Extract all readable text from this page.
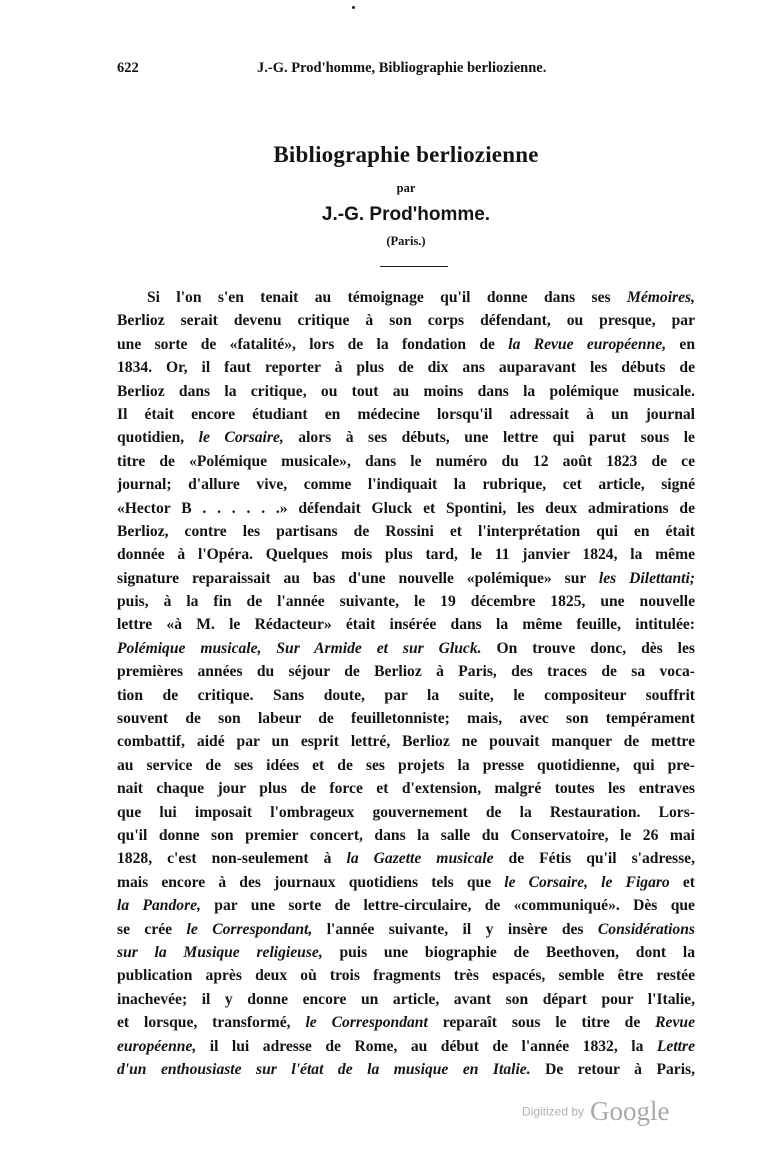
622	J.-G. Prod'homme, Bibliographie berliozienne.
Bibliographie berliozienne
par
J.-G. Prod'homme.
(Paris.)
Si l'on s'en tenait au témoignage qu'il donne dans ses Mémoires,
Berlioz serait devenu critique à son corps défendant, ou presque, par
une sorte de «fatalité», lors de la fondation de la Revue européenne, en
1834. Or, il faut reporter à plus de dix ans auparavant les débuts de
Berlioz dans la critique, ou tout au moins dans la polémique musicale.
Il était encore étudiant en médecine lorsqu'il adressait à un journal
quotidien, le Corsaire, alors à ses débuts, une lettre qui parut sous le
titre de «Polémique musicale», dans le numéro du 12 août 1823 de ce
journal; d'allure vive, comme l'indiquait la rubrique, cet article, signé
«Hector B . . . . . .» défendait Gluck et Spontini, les deux admirations de
Berlioz, contre les partisans de Rossini et l'interprétation qui en était
donnée à l'Opéra. Quelques mois plus tard, le 11 janvier 1824, la même
signature reparaissait au bas d'une nouvelle «polémique» sur les Dilettanti;
puis, à la fin de l'année suivante, le 19 décembre 1825, une nouvelle
lettre «à M. le Rédacteur» était insérée dans la même feuille, intitulée:
Polémique musicale, Sur Armide et sur Gluck. On trouve donc, dès les
premières années du séjour de Berlioz à Paris, des traces de sa voca-
tion de critique. Sans doute, par la suite, le compositeur souffrit
souvent de son labeur de feuilletonniste; mais, avec son tempérament
combattif, aidé par un esprit lettré, Berlioz ne pouvait manquer de mettre
au service de ses idées et de ses projets la presse quotidienne, qui pre-
nait chaque jour plus de force et d'extension, malgré toutes les entraves
que lui imposait l'ombrageux gouvernement de la Restauration. Lors-
qu'il donne son premier concert, dans la salle du Conservatoire, le 26 mai
1828, c'est non-seulement à la Gazette musicale de Fétis qu'il s'adresse,
mais encore à des journaux quotidiens tels que le Corsaire, le Figaro et
la Pandore, par une sorte de lettre-circulaire, de «communiqué». Dès que
se crée le Correspondant, l'année suivante, il y insère des Considérations
sur la Musique religieuse, puis une biographie de Beethoven, dont la
publication après deux où trois fragments très espacés, semble être restée
inachevée; il y donne encore un article, avant son départ pour l'Italie,
et lorsque, transformé, le Correspondant reparaît sous le titre de Revue
européenne, il lui adresse de Rome, au début de l'année 1832, la Lettre
d'un enthousiaste sur l'état de la musique en Italie. De retour à Paris,
Digitized by Google
